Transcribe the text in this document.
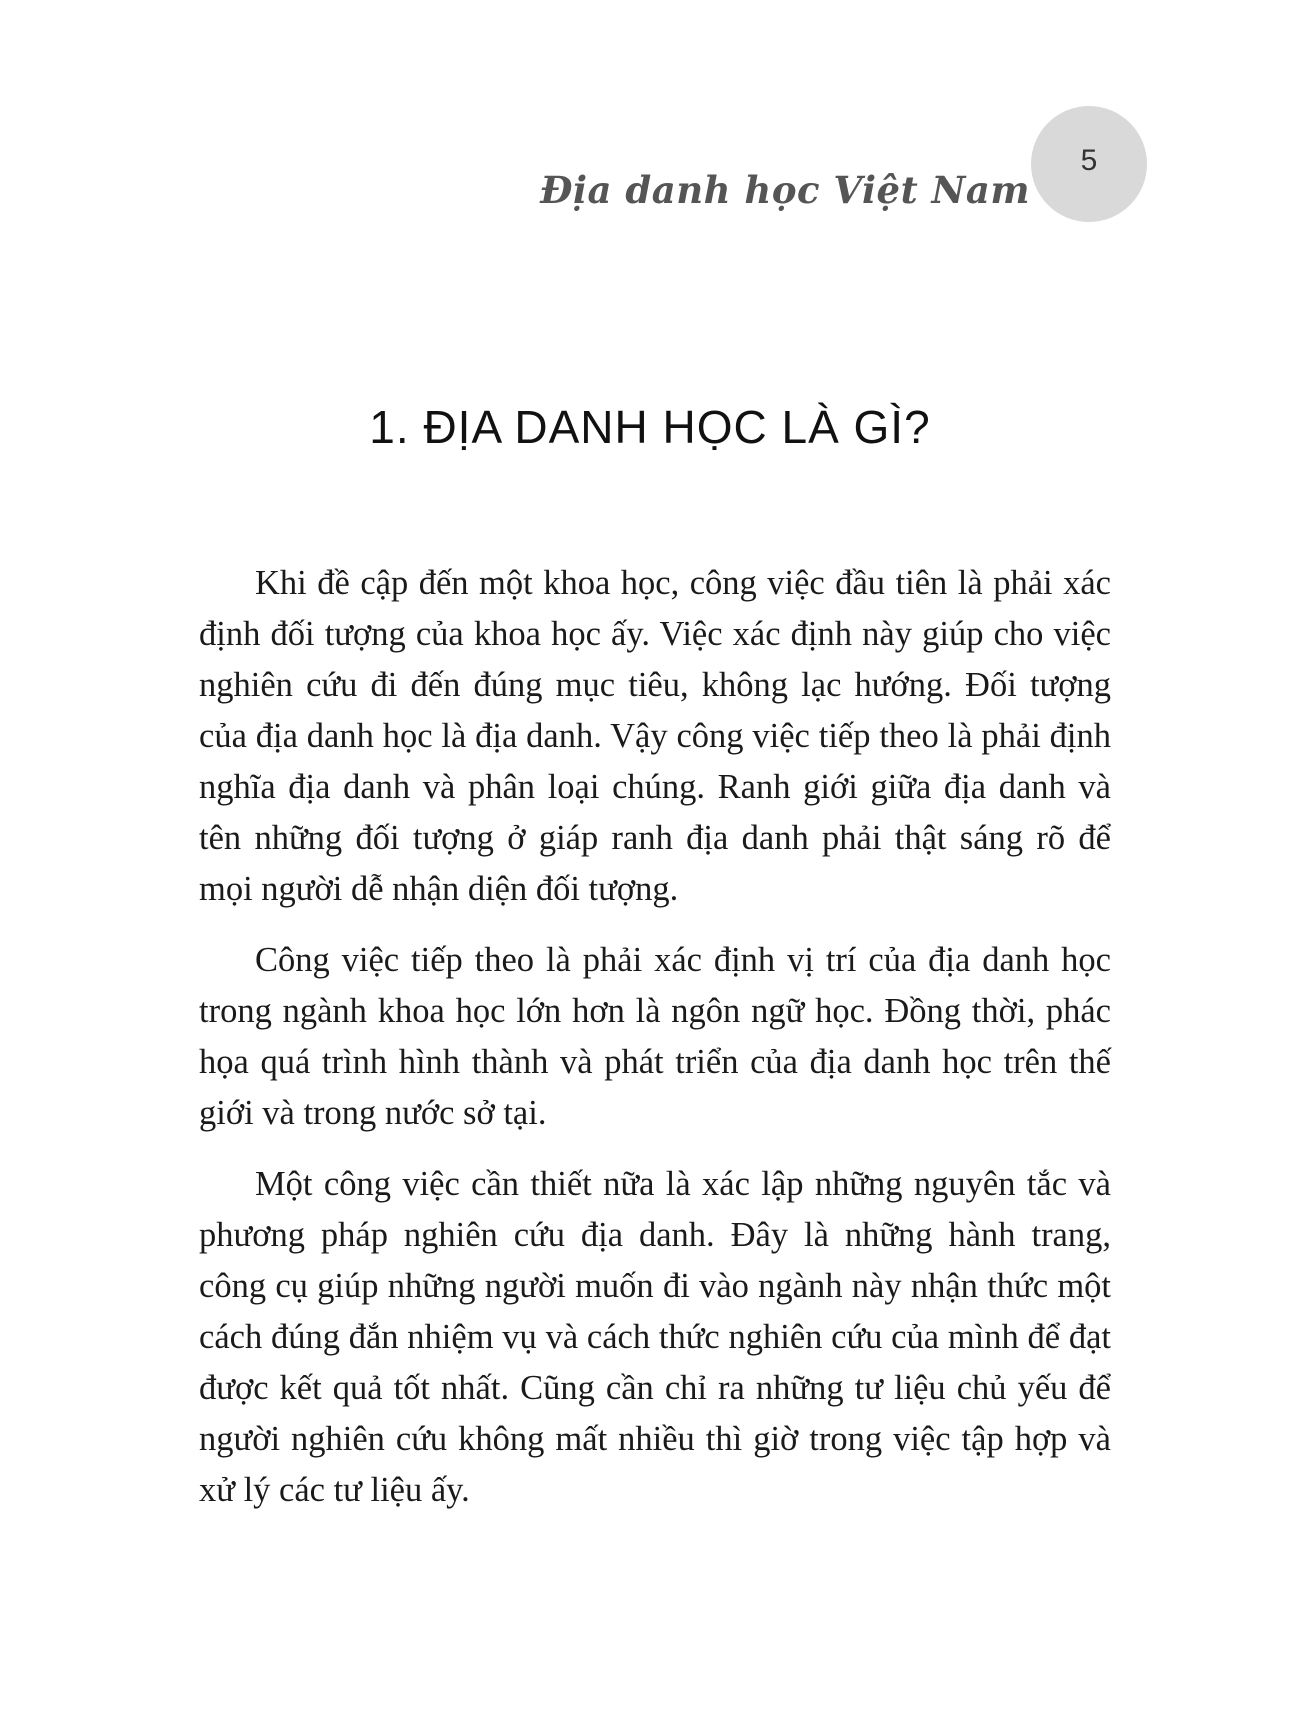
Địa danh học Việt Nam
5
1. ĐỊA DANH HỌC LÀ GÌ?

Khi đề cập đến một khoa học, công việc đầu tiên là phải xác định đối tượng của khoa học ấy. Việc xác định này giúp cho việc nghiên cứu đi đến đúng mục tiêu, không lạc hướng. Đối tượng của địa danh học là địa danh. Vậy công việc tiếp theo là phải định nghĩa địa danh và phân loại chúng. Ranh giới giữa địa danh và tên những đối tượng ở giáp ranh địa danh phải thật sáng rõ để mọi người dễ nhận diện đối tượng.

Công việc tiếp theo là phải xác định vị trí của địa danh học trong ngành khoa học lớn hơn là ngôn ngữ học. Đồng thời, phác họa quá trình hình thành và phát triển của địa danh học trên thế giới và trong nước sở tại.

Một công việc cần thiết nữa là xác lập những nguyên tắc và phương pháp nghiên cứu địa danh. Đây là những hành trang, công cụ giúp những người muốn đi vào ngành này nhận thức một cách đúng đắn nhiệm vụ và cách thức nghiên cứu của mình để đạt được kết quả tốt nhất. Cũng cần chỉ ra những tư liệu chủ yếu để người nghiên cứu không mất nhiều thì giờ trong việc tập hợp và xử lý các tư liệu ấy.
